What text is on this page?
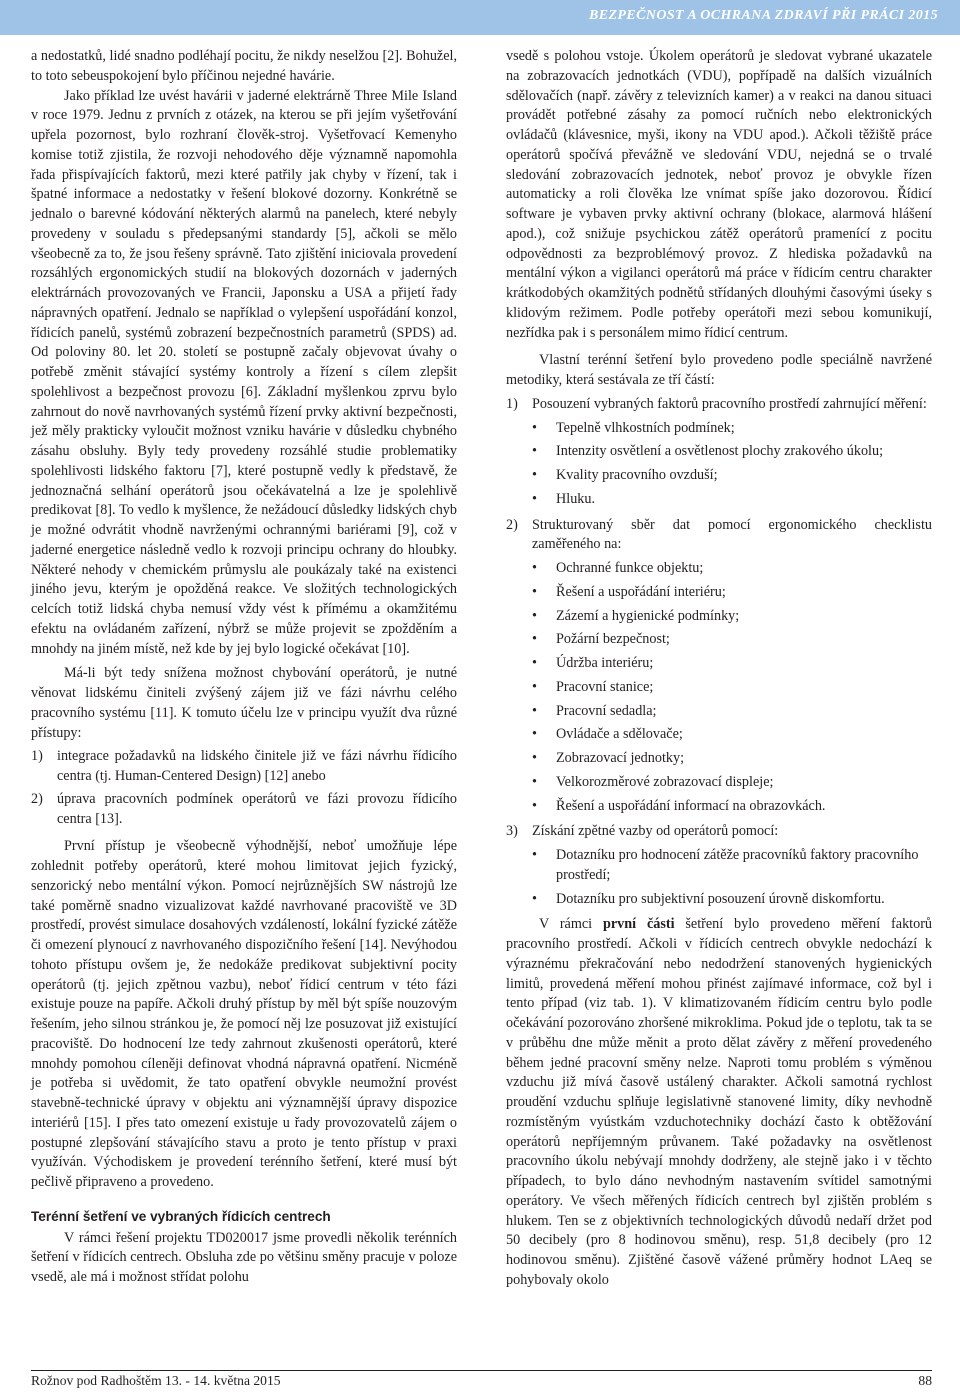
BEZPEČNOST A OCHRANA ZDRAVÍ PŘI PRÁCI 2015

a nedostatků, lidé snadno podléhají pocitu, že nikdy neselžou [2]. Bohužel, to toto sebeuspokojení bylo příčinou nejedné havárie.

Jako příklad lze uvést havárii v jaderné elektrárně Three Mile Island v roce 1979. Jednu z prvních z otázek, na kterou se při jejím vyšetřování upřela pozornost, bylo rozhraní člověk-stroj. Vyšetřovací Kemenyho komise totiž zjistila, že rozvoji nehodového děje významně napomohla řada přispívajících faktorů, mezi které patřily jak chyby v řízení, tak i špatné informace a nedostatky v řešení blokové dozorny. Konkrétně se jednalo o barevné kódování některých alarmů na panelech, které nebyly provedeny v souladu s předepsanými standardy [5], ačkoli se mělo všeobecně za to, že jsou řešeny správně. Tato zjištění iniciovala provedení rozsáhlých ergonomických studií na blokových dozornách v jaderných elektrárnách provozovaných ve Francii, Japonsku a USA a přijetí řady nápravných opatření. Jednalo se například o vylepšení uspořádání konzol, řídicích panelů, systémů zobrazení bezpečnostních parametrů (SPDS) ad. Od poloviny 80. let 20. století se postupně začaly objevovat úvahy o potřebě změnit stávající systémy kontroly a řízení s cílem zlepšit spolehlivost a bezpečnost provozu [6]. Základní myšlenkou zprvu bylo zahrnout do nově navrhovaných systémů řízení prvky aktivní bezpečnosti, jež měly prakticky vyloučit možnost vzniku havárie v důsledku chybného zásahu obsluhy. Byly tedy provedeny rozsáhlé studie problematiky spolehlivosti lidského faktoru [7], které postupně vedly k představě, že jednoznačná selhání operátorů jsou očekávatelná a lze je spolehlivě predikovat [8]. To vedlo k myšlence, že nežádoucí důsledky lidských chyb je možné odvrátit vhodně navrženými ochrannými bariérami [9], což v jaderné energetice následně vedlo k rozvoji principu ochrany do hloubky. Některé nehody v chemickém průmyslu ale poukázaly také na existenci jiného jevu, kterým je opožděná reakce. Ve složitých technologických celcích totiž lidská chyba nemusí vždy vést k přímému a okamžitému efektu na ovládaném zařízení, nýbrž se může projevit se zpožděním a mnohdy na jiném místě, než kde by jej bylo logické očekávat [10].

Má-li být tedy snížena možnost chybování operátorů, je nutné věnovat lidskému činiteli zvýšený zájem již ve fázi návrhu celého pracovního systému [11]. K tomuto účelu lze v principu využít dva různé přístupy:

1) integrace požadavků na lidského činitele již ve fázi návrhu řídicího centra (tj. Human-Centered Design) [12] anebo
2) úprava pracovních podmínek operátorů ve fázi provozu řídicího centra [13].

První přístup je všeobecně výhodnější, neboť umožňuje lépe zohlednit potřeby operátorů, které mohou limitovat jejich fyzický, senzorický nebo mentální výkon. Pomocí nejrůznějších SW nástrojů lze také poměrně snadno vizualizovat každé navrhované pracoviště ve 3D prostředí, provést simulace dosahových vzdáleností, lokální fyzické zátěže či omezení plynoucí z navrhovaného dispozičního řešení [14]. Nevýhodou tohoto přístupu ovšem je, že nedokáže predikovat subjektivní pocity operátorů (tj. jejich zpětnou vazbu), neboť řídicí centrum v této fázi existuje pouze na papíře. Ačkoli druhý přístup by měl být spíše nouzovým řešením, jeho silnou stránkou je, že pomocí něj lze posuzovat již existující pracoviště. Do hodnocení lze tedy zahrnout zkušenosti operátorů, které mnohdy pomohou cíleněji definovat vhodná nápravná opatření. Nicméně je potřeba si uvědomit, že tato opatření obvykle neumožní provést stavebně-technické úpravy v objektu ani významnější úpravy dispozice interiérů [15]. I přes tato omezení existuje u řady provozovatelů zájem o postupné zlepšování stávajícího stavu a proto je tento přístup v praxi využíván. Východiskem je provedení terénního šetření, které musí být pečlivě připraveno a provedeno.

Terénní šetření ve vybraných řídicích centrech

V rámci řešení projektu TD020017 jsme provedli několik terénních šetření v řídicích centrech. Obsluha zde po většinu směny pracuje v poloze vsedě, ale má i možnost střídat polohu

vsedě s polohou vstoje. Úkolem operátorů je sledovat vybrané ukazatele na zobrazovacích jednotkách (VDU), popřípadě na dalších vizuálních sdělovačích (např. závěry z televizních kamer) a v reakci na danou situaci provádět potřebné zásahy za pomocí ručních nebo elektronických ovládačů (klávesnice, myši, ikony na VDU apod.). Ačkoli těžiště práce operátorů spočívá převážně ve sledování VDU, nejedná se o trvalé sledování zobrazovacích jednotek, neboť provoz je obvykle řízen automaticky a roli člověka lze vnímat spíše jako dozorovou. Řídicí software je vybaven prvky aktivní ochrany (blokace, alarmová hlášení apod.), což snižuje psychickou zátěž operátorů pramenící z pocitu odpovědnosti za bezproblémový provoz. Z hlediska požadavků na mentální výkon a vigilanci operátorů má práce v řídicím centru charakter krátkodobých okamžitých podnětů střídaných dlouhými časovými úseky s klidovým režimem. Podle potřeby operátoři mezi sebou komunikují, nezřídka pak i s personálem mimo řídicí centrum.

Vlastní terénní šetření bylo provedeno podle speciálně navržené metodiky, která sestávala ze tří částí:

1) Posouzení vybraných faktorů pracovního prostředí zahrnující měření:
• Tepelně vlhkostních podmínek;
• Intenzity osvětlení a osvětlenost plochy zrakového úkolu;
• Kvality pracovního ovzduší;
• Hluku.
2) Strukturovaný sběr dat pomocí ergonomického checklistu zaměřeného na:
• Ochranné funkce objektu;
• Řešení a uspořádání interiéru;
• Zázemí a hygienické podmínky;
• Požární bezpečnost;
• Údržba interiéru;
• Pracovní stanice;
• Pracovní sedadla;
• Ovládače a sdělovače;
• Zobrazovací jednotky;
• Velkorozměrové zobrazovací displeje;
• Řešení a uspořádání informací na obrazovkách.
3) Získání zpětné vazby od operátorů pomocí:
• Dotazníku pro hodnocení zátěže pracovníků faktory pracovního prostředí;
• Dotazníku pro subjektivní posouzení úrovně diskomfortu.

V rámci první části šetření bylo provedeno měření faktorů pracovního prostředí. Ačkoli v řídicích centrech obvykle nedochází k výraznému překračování nebo nedodržení stanovených hygienických limitů, provedená měření mohou přinést zajímavé informace, což byl i tento případ (viz tab. 1). V klimatizovaném řídicím centru bylo podle očekávání pozorováno zhoršené mikroklima. Pokud jde o teplotu, tak ta se v průběhu dne může měnit a proto dělat závěry z měření provedeného během jedné pracovní směny nelze. Naproti tomu problém s výměnou vzduchu již mívá časově ustálený charakter. Ačkoli samotná rychlost proudění vzduchu splňuje legislativně stanovené limity, díky nevhodně rozmístěným vyústkám vzduchotechniky dochází často k obtěžování operátorů nepříjemným průvanem. Také požadavky na osvětlenost pracovního úkolu nebývají mnohdy dodrženy, ale stejně jako i v těchto případech, to bylo dáno nevhodným nastavením svítidel samotnými operátory. Ve všech měřených řídicích centrech byl zjištěn problém s hlukem. Ten se z objektivních technologických důvodů nedaří držet pod 50 decibely (pro 8 hodinovou směnu), resp. 51,8 decibely (pro 12 hodinovou směnu). Zjištěné časově vážené průměry hodnot LAeq se pohybovaly okolo

Rožnov pod Radhoštěm 13. - 14. května 2015	88
